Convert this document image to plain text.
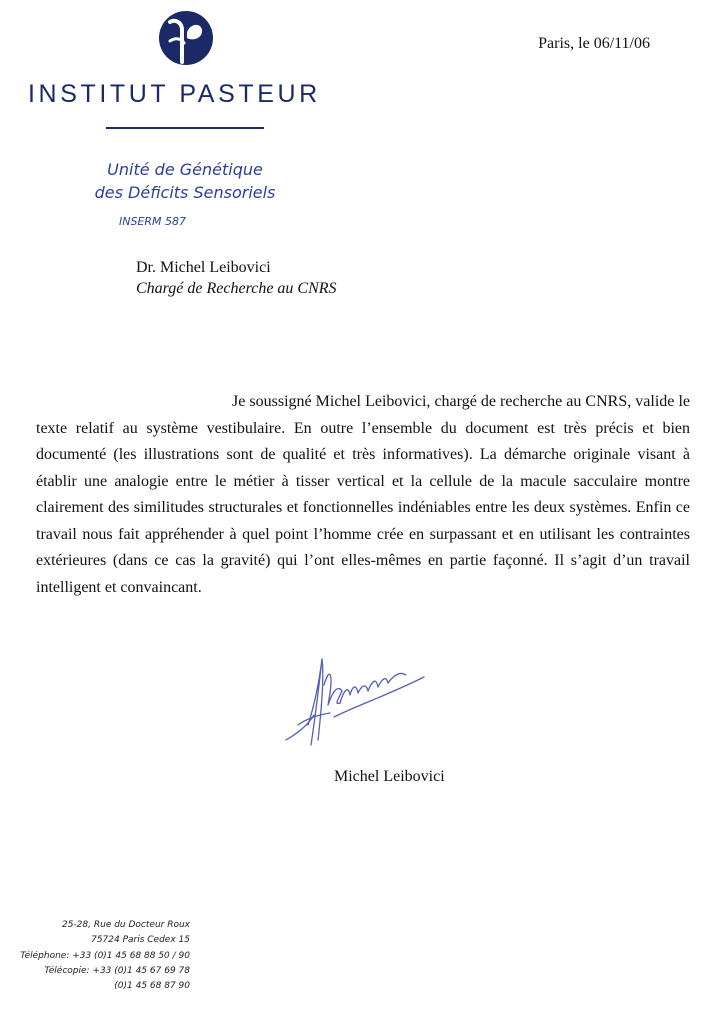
INSTITUT PASTEUR
Unité de Génétique
des Déficits Sensoriels
INSERM 587
Paris, le 06/11/06
Dr. Michel Leibovici
Chargé de Recherche au CNRS

Je soussigné Michel Leibovici, chargé de recherche au CNRS, valide le texte relatif au système vestibulaire. En outre l’ensemble du document est très précis et bien documenté (les illustrations sont de qualité et très informatives). La démarche originale visant à établir une analogie entre le métier à tisser vertical et la cellule de la macule sacculaire montre clairement des similitudes structurales et fonctionnelles indéniables entre les deux systèmes. Enfin ce travail nous fait appréhender à quel point l’homme crée en surpassant et en utilisant les contraintes extérieures (dans ce cas la gravité) qui l’ont elles-mêmes en partie façonné. Il s’agit d’un travail intelligent et convaincant.

Michel Leibovici
25-28, Rue du Docteur Roux
75724 Paris Cedex 15
Téléphone: +33 (0)1 45 68 88 50 / 90
Télécopie: +33 (0)1 45 67 69 78
(0)1 45 68 87 90
